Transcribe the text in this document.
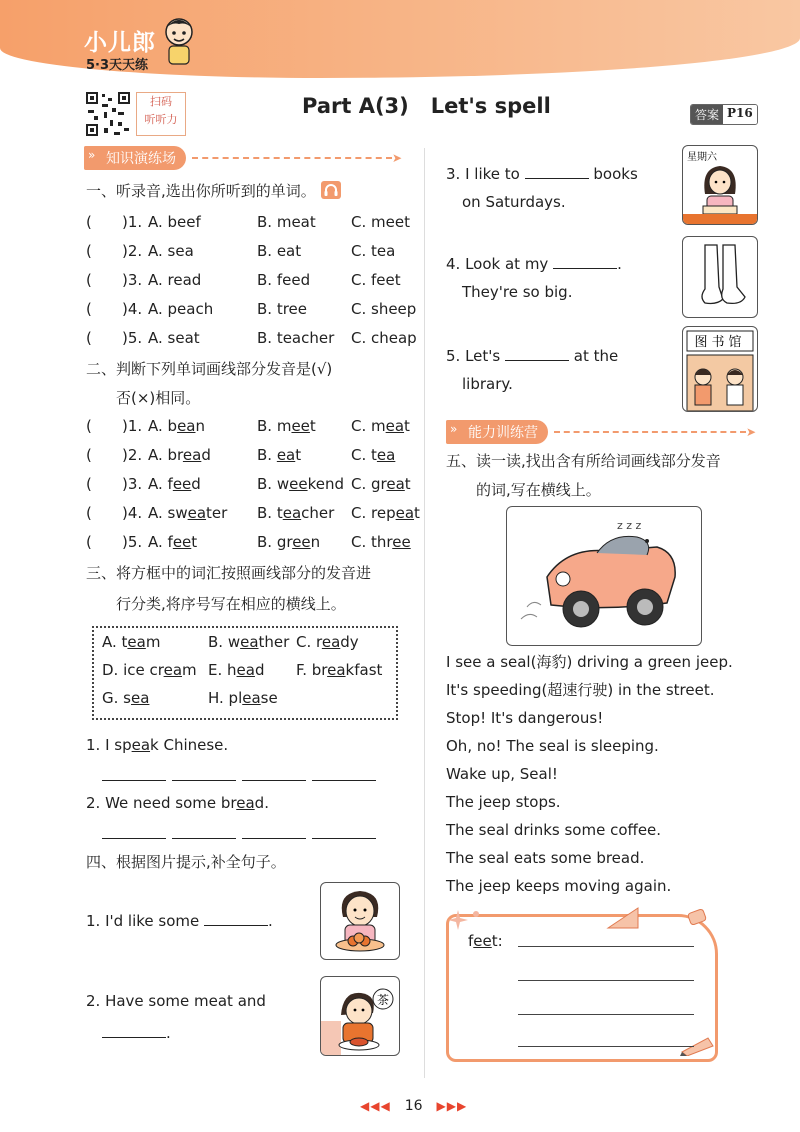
小儿郎
5·3天天练
扫码
听听力
Part A(3)   Let's spell	答案 P16
» 知识演练场	➤
一、听录音,选出你所听到的单词。
(	)1. A. beef	B. meat	C. meet
(	)2. A. sea	B. eat	C. tea
(	)3. A. read	B. feed	C. feet
(	)4. A. peach	B. tree	C. sheep
(	)5. A. seat	B. teacher	C. cheap
二、判断下列单词画线部分发音是(√)
否(×)相同。
(	)1. A. bean	B. meet	C. meat
(	)2. A. bread	B. eat	C. tea
(	)3. A. feed	B. weekend C. great
(	)4. A. sweater	B. teacher	C. repeat
(	)5. A. feet	B. green	C. three
三、将方框中的词汇按照画线部分的发音进
行分类,将序号写在相应的横线上。
A. team	B. weather C. ready
D. ice cream E. head	F. breakfast
G. sea	H. please
1. I speak Chinese.
2. We need some bread.
四、根据图片提示,补全句子。
1. I'd like some	.
2. Have some meat and
.
茶
3. I like to	books
on Saturdays.
星期六
4. Look at my	.
They're so big.
5. Let's	at the
library.
图书馆
» 能力训练营	➤
五、读一读,找出含有所给词画线部分发音
的词,写在横线上。
z z z
I see a seal(海豹) driving a green jeep.
It's speeding(超速行驶) in the street.
Stop! It's dangerous!
Oh, no! The seal is sleeping.
Wake up, Seal!
The jeep stops.
The seal drinks some coffee.
The seal eats some bread.
The jeep keeps moving again.
feet:
◀◀◀ 16 ▶▶▶
